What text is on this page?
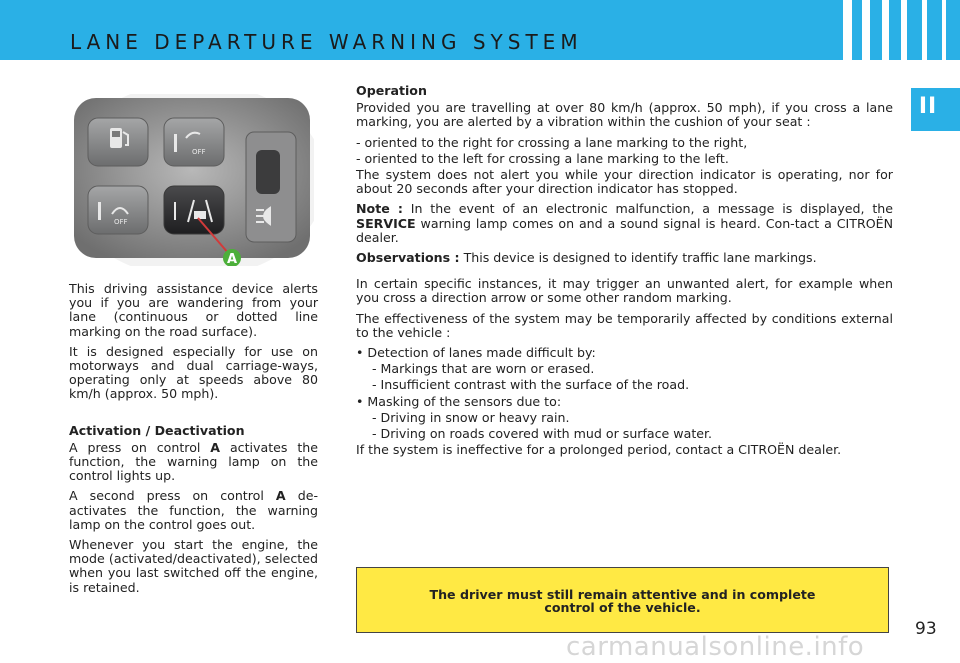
LANE DEPARTURE WARNING SYSTEM
II
OFF
OFF
A

This driving assistance device alerts you if you are wandering from your lane (continuous or dotted line marking on the road surface).

It is designed especially for use on motorways and dual carriage-ways, operating only at speeds above 80 km/h (approx. 50 mph).

Activation / Deactivation

A press on control A activates the function, the warning lamp on the control lights up.

A second press on control A de-activates the function, the warning lamp on the control goes out.

Whenever you start the engine, the mode (activated/deactivated), selected when you last switched off the engine, is retained.

Operation

Provided you are travelling at over 80 km/h (approx. 50 mph), if you cross a lane marking, you are alerted by a vibration within the cushion of your seat :

- oriented to the right for crossing a lane marking to the right,

- oriented to the left for crossing a lane marking to the left.

The system does not alert you while your direction indicator is operating, nor for about 20 seconds after your direction indicator has stopped.

Note : In the event of an electronic malfunction, a message is displayed, the SERVICE warning lamp comes on and a sound signal is heard. Con-tact a CITROËN dealer.

Observations : This device is designed to identify traffic lane markings.

In certain specific instances, it may trigger an unwanted alert, for example when you cross a direction arrow or some other random marking.

The effectiveness of the system may be temporarily affected by conditions external to the vehicle :

• Detection of lanes made difficult by:

- Markings that are worn or erased.

- Insufficient contrast with the surface of the road.

• Masking of the sensors due to:

- Driving in snow or heavy rain.

- Driving on roads covered with mud or surface water.

If the system is ineffective for a prolonged period, contact a CITROËN dealer.

The driver must still remain attentive and in complete control of the vehicle.
93
carmanualsonline.info
